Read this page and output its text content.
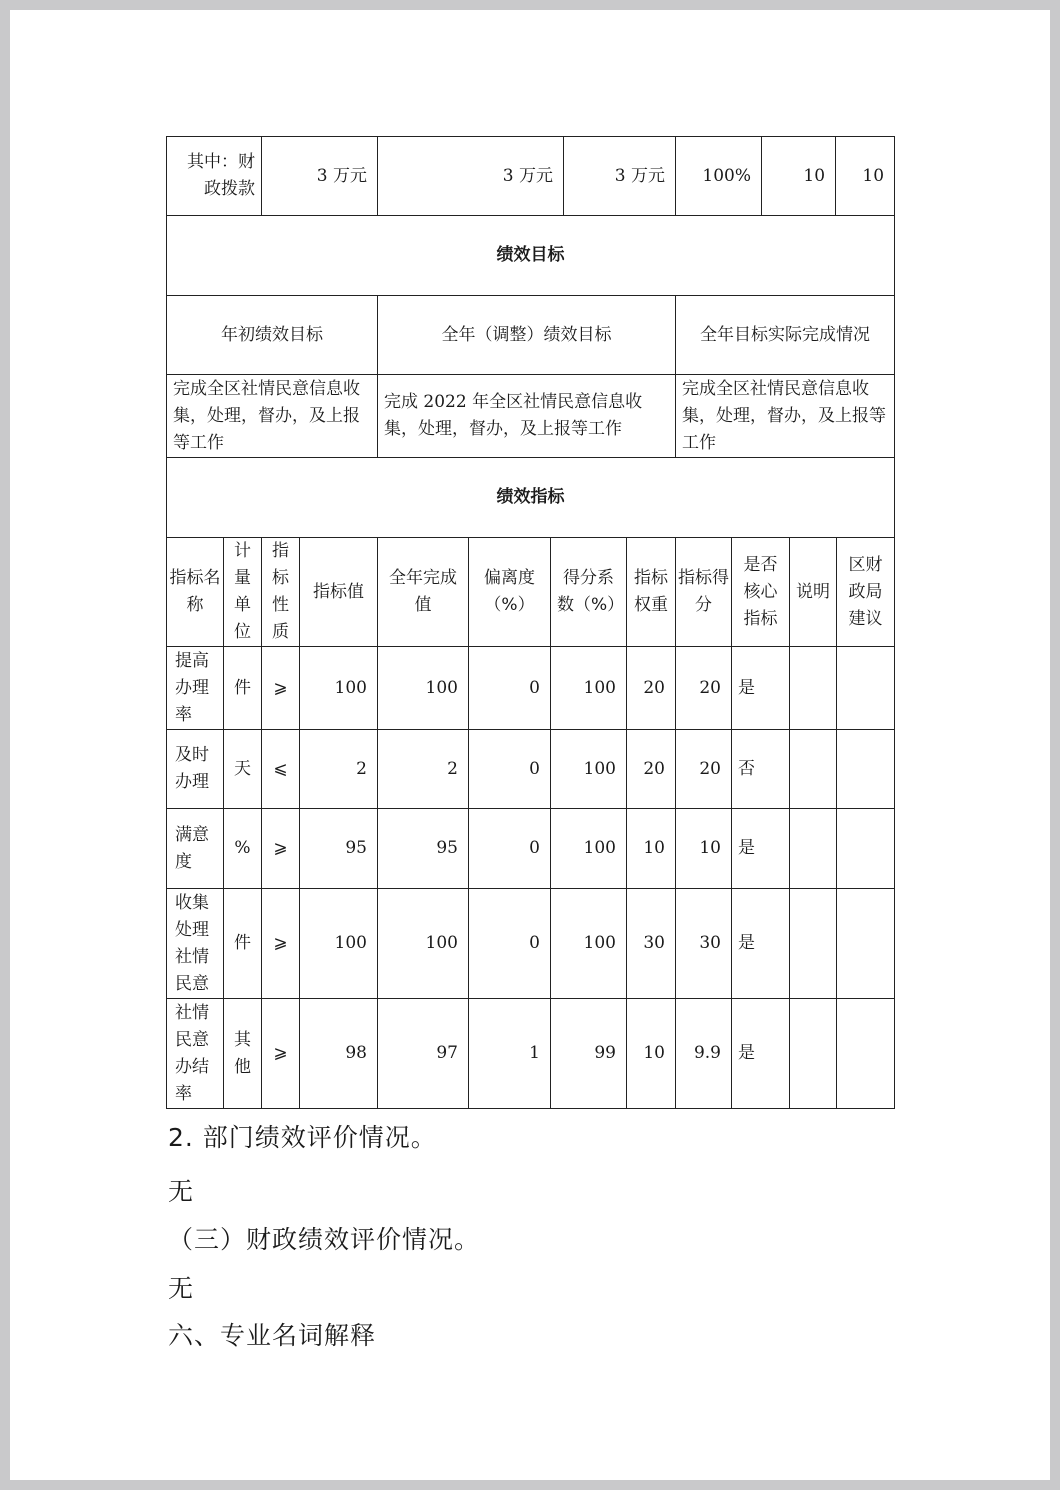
其中：财政拨款	3 万元	3 万元	3 万元	100%	10	10
绩效目标						
年初绩效目标		全年（调整）绩效目标		全年目标实际完成情况		
完成全区社情民意信息收集，处理，督办，及上报等工作		完成 2022 年全区社情民意信息收集，处理，督办，及上报等工作		完成全区社情民意信息收集，处理，督办，及上报等工作		
绩效指标											
指标名称	计量单位	指标性质	指标值	全年完成值	偏离度（%）	得分系数（%）	指标权重	指标得分	是否核心指标	说明	区财政局建议
提高办理率	件	⩾	100	100	0	100	20	20	是		
及时办理	天	⩽	2	2	0	100	20	20	否		
满意度	%	⩾	95	95	0	100	10	10	是		
收集处理社情民意	件	⩾	100	100	0	100	30	30	是		
社情民意办结率	其他	⩾	98	97	1	99	10	9.9	是		
2. 部门绩效评价情况。
无
（三）财政绩效评价情况。
无
六、专业名词解释
